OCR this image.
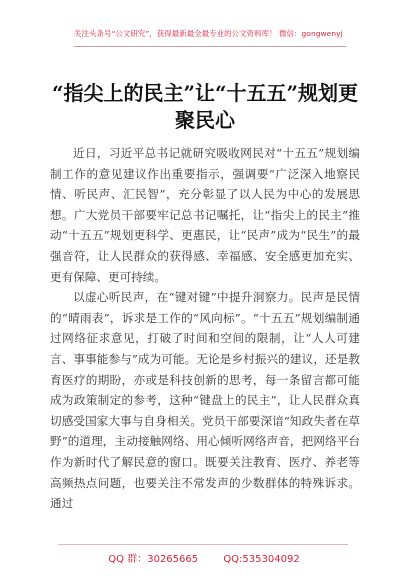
关注头条号“公文研究”，获得最新最全最专业的公文资料库！ 微信：gongwenyj
“指尖上的民主”让“十五五”规划更聚民心

近日，习近平总书记就研究吸收网民对“十五五”规划编制工作的意见建议作出重要指示，强调要“广泛深入地察民情、听民声、汇民智”，充分彰显了以人民为中心的发展思想。广大党员干部要牢记总书记嘱托，让“指尖上的民主”推动“十五五”规划更科学、更惠民，让“民声”成为“民生”的最强音符，让人民群众的获得感、幸福感、安全感更加充实、更有保障、更可持续。

以虚心听民声，在“键对键”中提升洞察力。民声是民情的“晴雨表”，诉求是工作的“风向标”。“十五五”规划编制通过网络征求意见，打破了时间和空间的限制，让“人人可建言、事事能参与”成为可能。无论是乡村振兴的建议，还是教育医疗的期盼，亦或是科技创新的思考，每一条留言都可能成为政策制定的参考，这种“键盘上的民主”，让人民群众真切感受国家大事与自身相关。党员干部要深谙“知政失者在草野”的道理，主动接触网络、用心倾听网络声音，把网络平台作为新时代了解民意的窗口。既要关注教育、医疗、养老等高频热点问题，也要关注不常发声的少数群体的特殊诉求。通过

QQ 群：30265665	QQ:535304092
